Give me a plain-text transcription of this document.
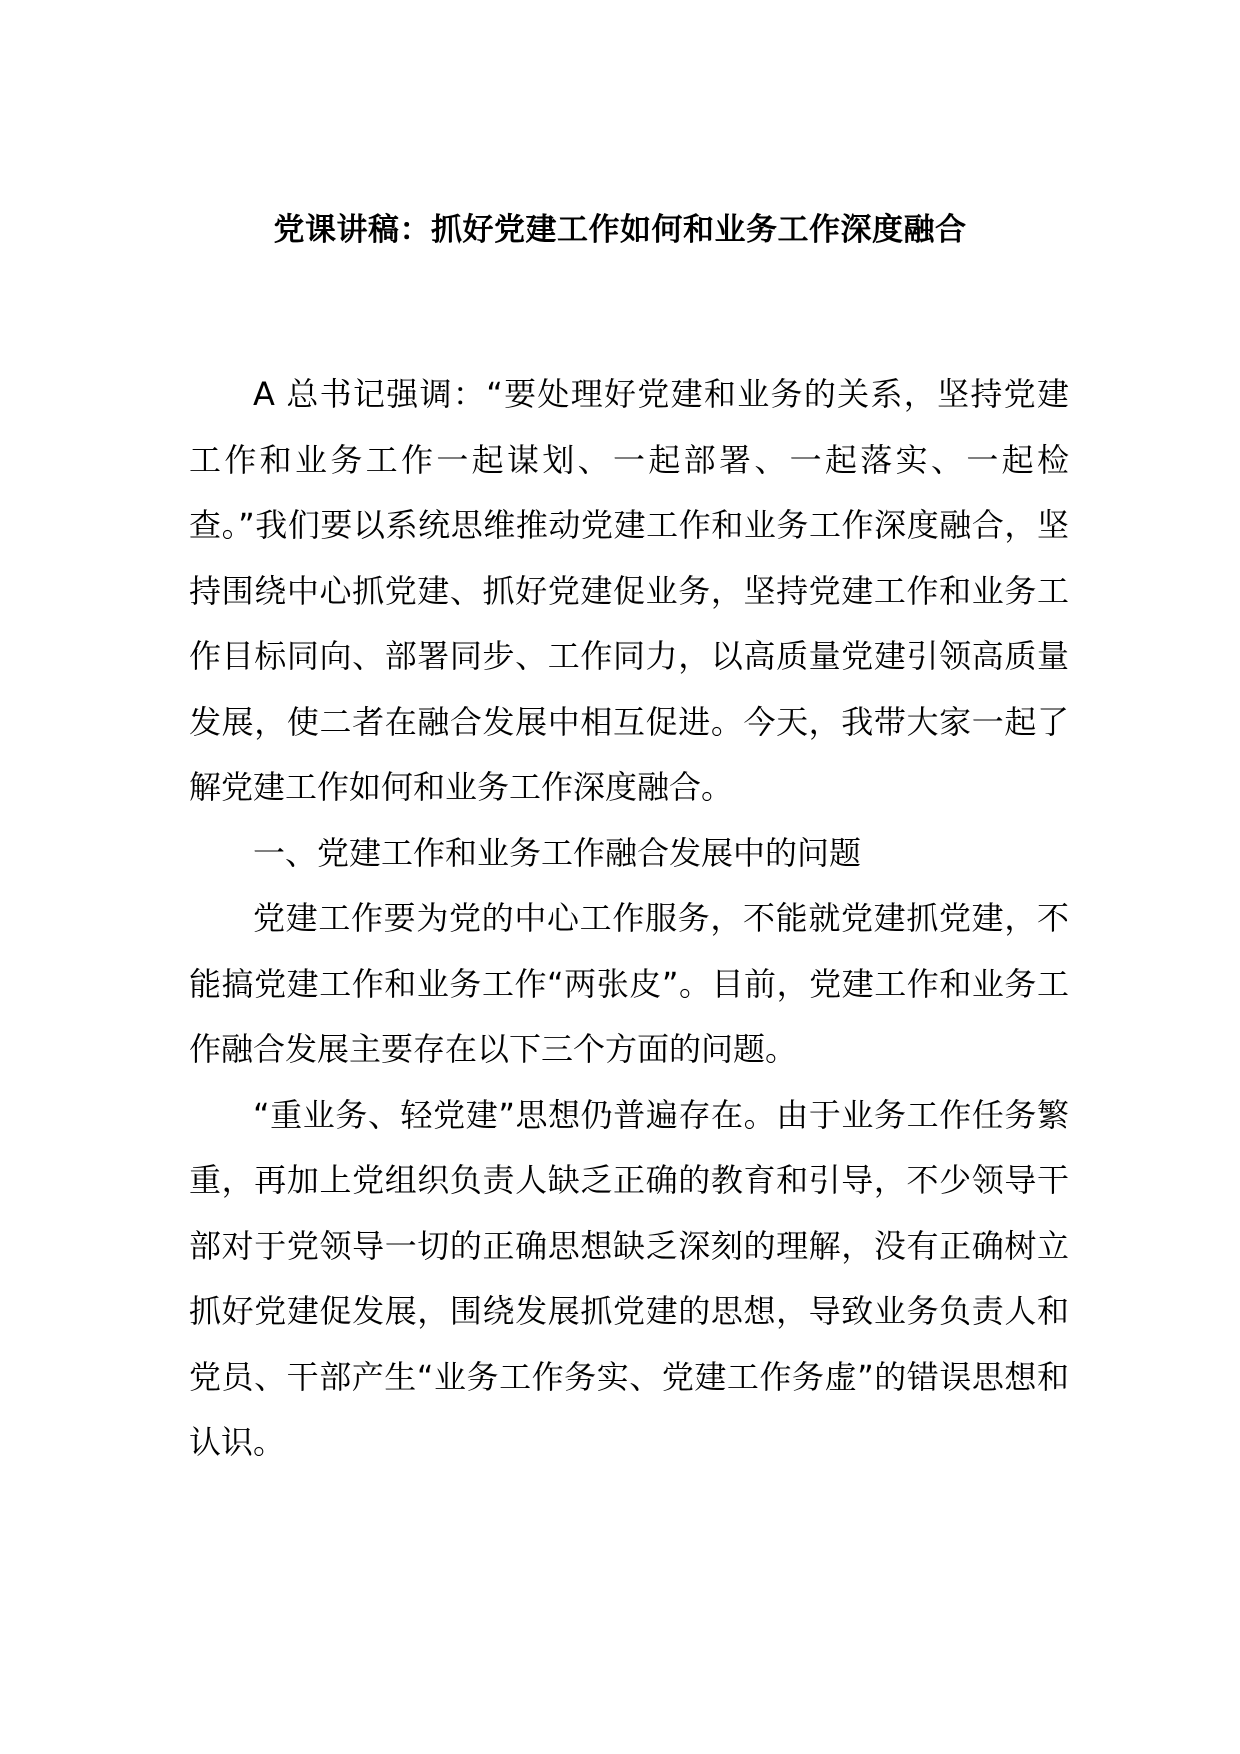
党课讲稿：抓好党建工作如何和业务工作深度融合

A 总书记强调：“要处理好党建和业务的关系，坚持党建工作和业务工作一起谋划、一起部署、一起落实、一起检查。”我们要以系统思维推动党建工作和业务工作深度融合，坚持围绕中心抓党建、抓好党建促业务，坚持党建工作和业务工作目标同向、部署同步、工作同力，以高质量党建引领高质量发展，使二者在融合发展中相互促进。今天，我带大家一起了解党建工作如何和业务工作深度融合。

一、党建工作和业务工作融合发展中的问题

党建工作要为党的中心工作服务，不能就党建抓党建，不能搞党建工作和业务工作“两张皮”。目前，党建工作和业务工作融合发展主要存在以下三个方面的问题。

“重业务、轻党建”思想仍普遍存在。由于业务工作任务繁重，再加上党组织负责人缺乏正确的教育和引导，不少领导干部对于党领导一切的正确思想缺乏深刻的理解，没有正确树立抓好党建促发展，围绕发展抓党建的思想，导致业务负责人和党员、干部产生“业务工作务实、党建工作务虚”的错误思想和认识。
